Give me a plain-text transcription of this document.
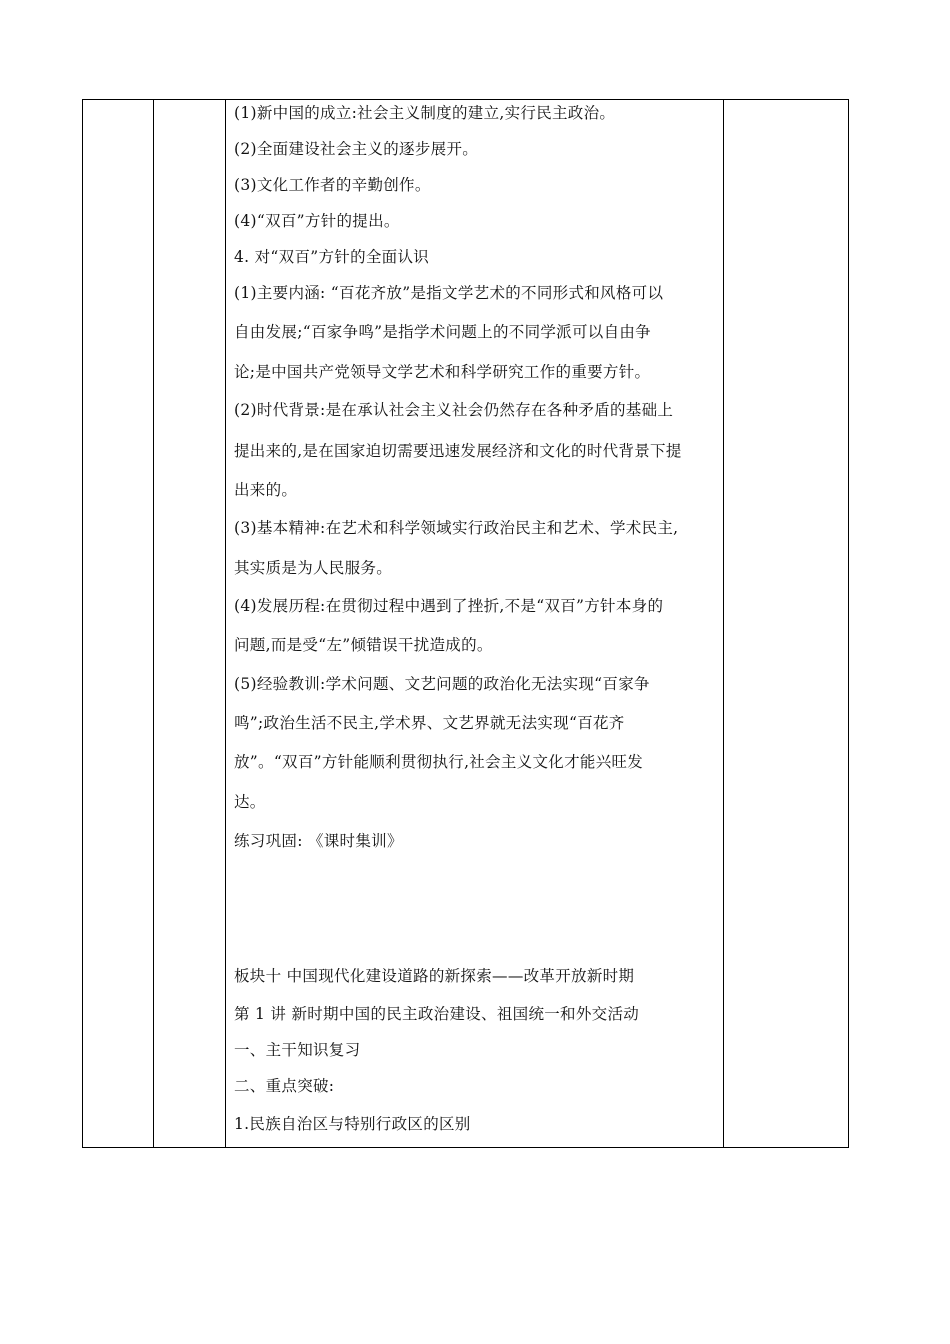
(1)新中国的成立:社会主义制度的建立,实行民主政治。
(2)全面建设社会主义的逐步展开。
(3)文化工作者的辛勤创作。
(4)“双百”方针的提出。
4. 对“双百”方针的全面认识
(1)主要内涵: “百花齐放”是指文学艺术的不同形式和风格可以
自由发展;“百家争鸣”是指学术问题上的不同学派可以自由争
论;是中国共产党领导文学艺术和科学研究工作的重要方针。
(2)时代背景:是在承认社会主义社会仍然存在各种矛盾的基础上
提出来的,是在国家迫切需要迅速发展经济和文化的时代背景下提
出来的。
(3)基本精神:在艺术和科学领域实行政治民主和艺术、学术民主,
其实质是为人民服务。
(4)发展历程:在贯彻过程中遇到了挫折,不是“双百”方针本身的
问题,而是受“左”倾错误干扰造成的。
(5)经验教训:学术问题、文艺问题的政治化无法实现“百家争
鸣”;政治生活不民主,学术界、文艺界就无法实现“百花齐
放”。“双百”方针能顺利贯彻执行,社会主义文化才能兴旺发
达。
练习巩固: 《课时集训》
板块十 中国现代化建设道路的新探索——改革开放新时期
第 1 讲 新时期中国的民主政治建设、祖国统一和外交活动
一、主干知识复习
二、重点突破:
1.民族自治区与特别行政区的区别
